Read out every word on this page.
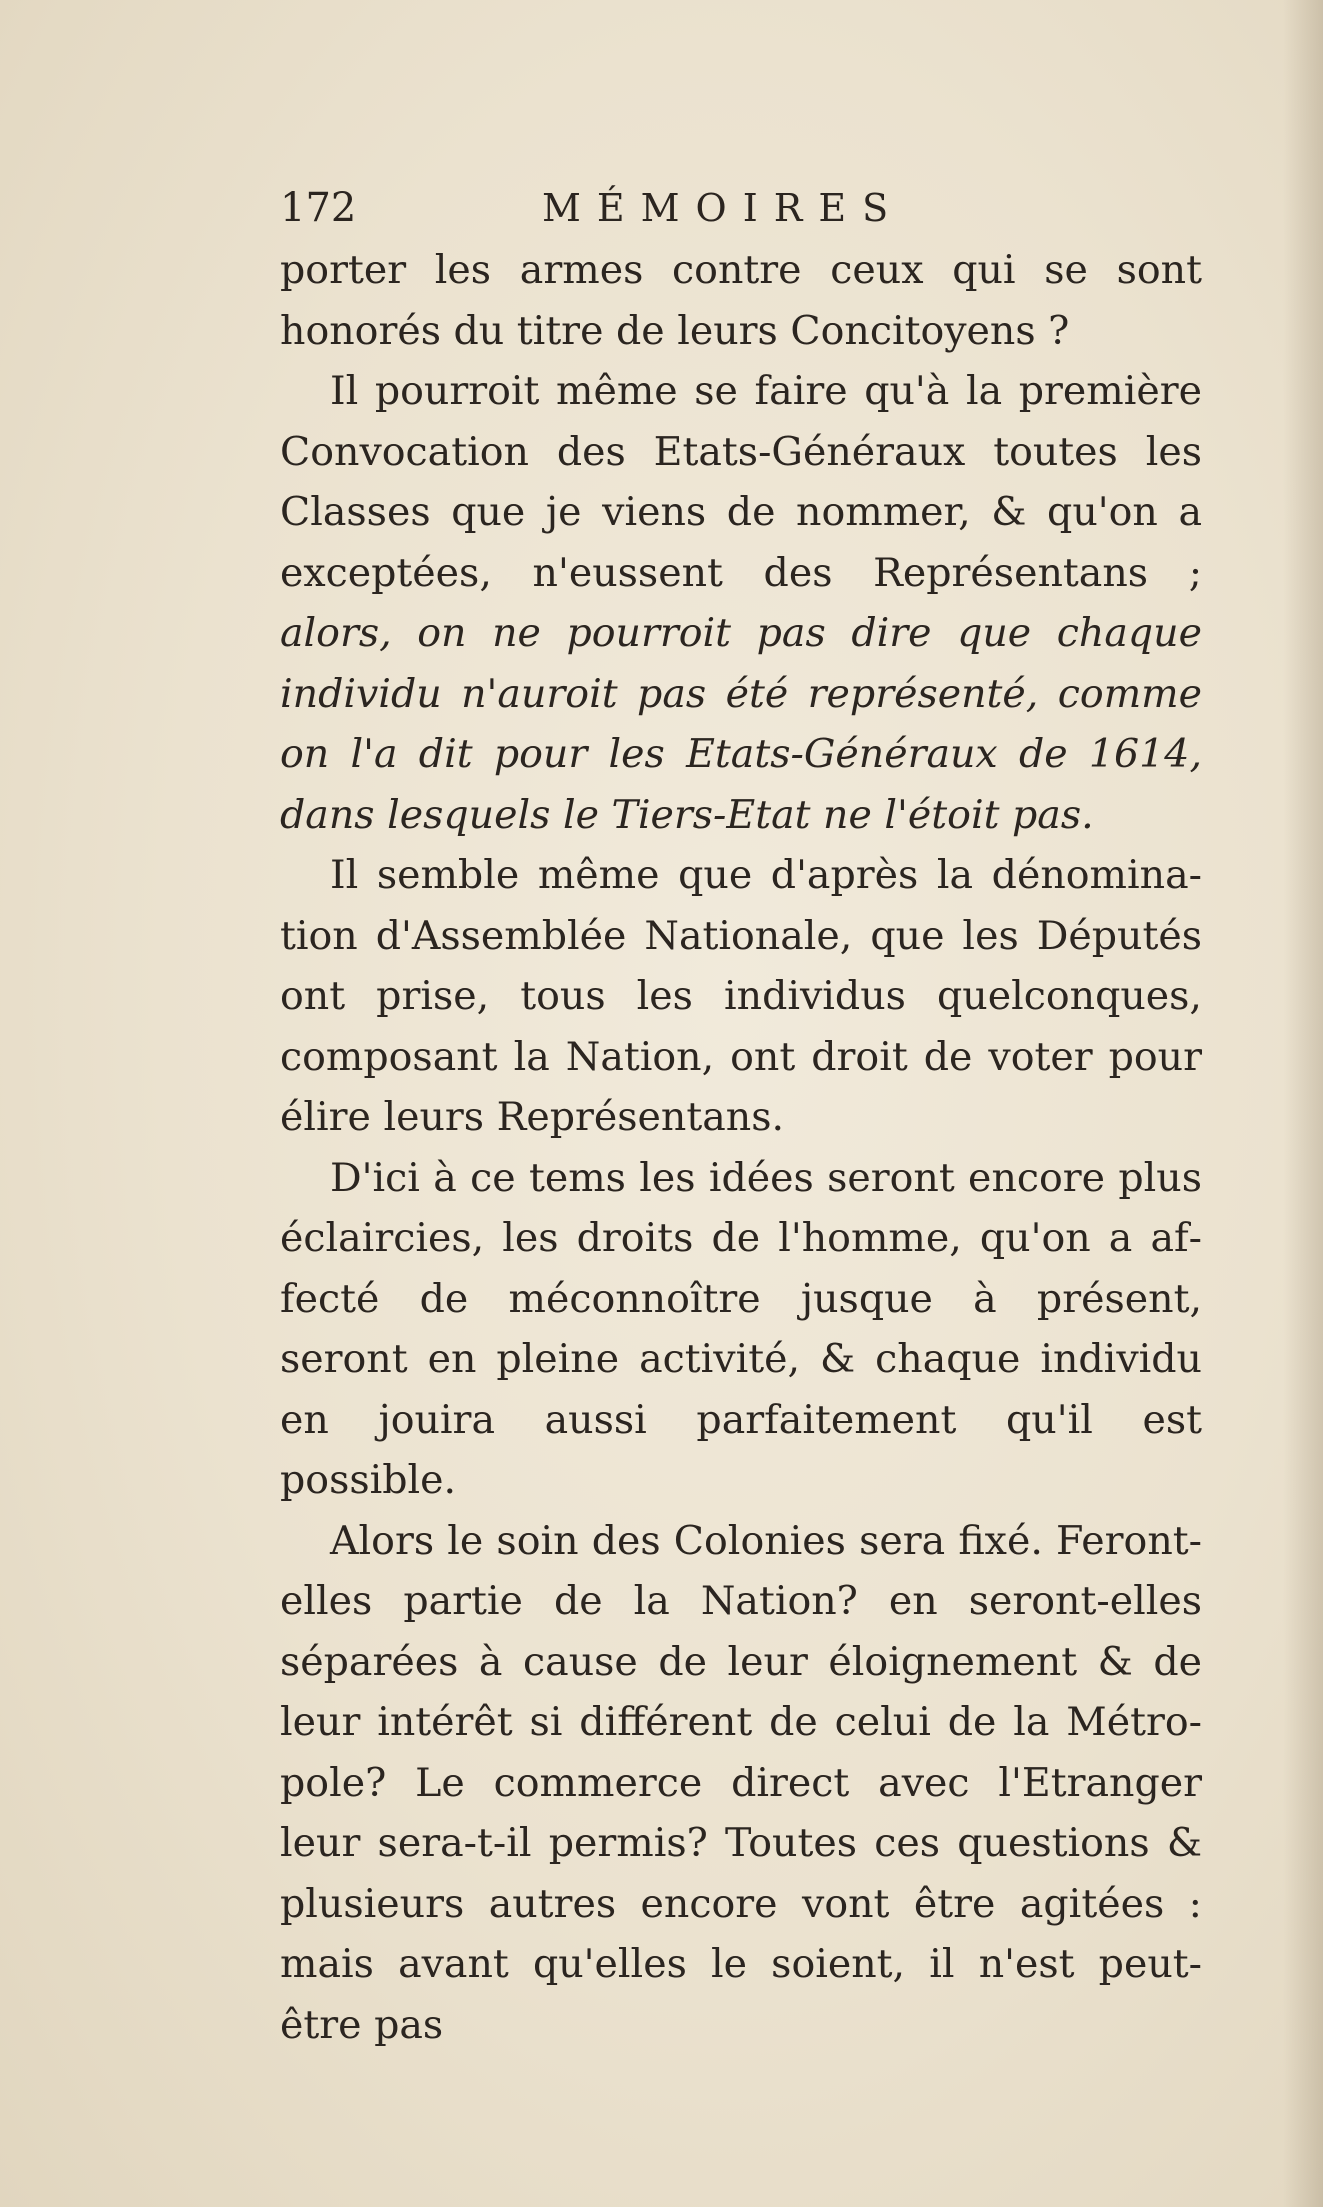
172	MÉMOIRES

porter les armes contre ceux qui se sont honorés du titre de leurs Concitoyens ?

Il pourroit même se faire qu'à la première Convocation des Etats-Généraux toutes les Classes que je viens de nommer, & qu'on a exceptées, n'eussent des Représentans ; alors, on ne pourroit pas dire que chaque individu n'auroit pas été représenté, comme on l'a dit pour les Etats-Généraux de 1614, dans lesquels le Tiers-Etat ne l'étoit pas.

Il semble même que d'après la dénomination d'Assemblée Nationale, que les Députés ont prise, tous les individus quelconques, composant la Nation, ont droit de voter pour élire leurs Représentans.

D'ici à ce tems les idées seront encore plus éclaircies, les droits de l'homme, qu'on a affecté de méconnoître jusque à présent, seront en pleine activité, & chaque individu en jouira aussi parfaitement qu'il est possible.

Alors le soin des Colonies sera fixé. Feront-elles partie de la Nation? en seront-elles séparées à cause de leur éloignement & de leur intérêt si différent de celui de la Métropole? Le commerce direct avec l'Etranger leur sera-t-il permis? Toutes ces questions & plusieurs autres encore vont être agitées : mais avant qu'elles le soient, il n'est peut-être pas
